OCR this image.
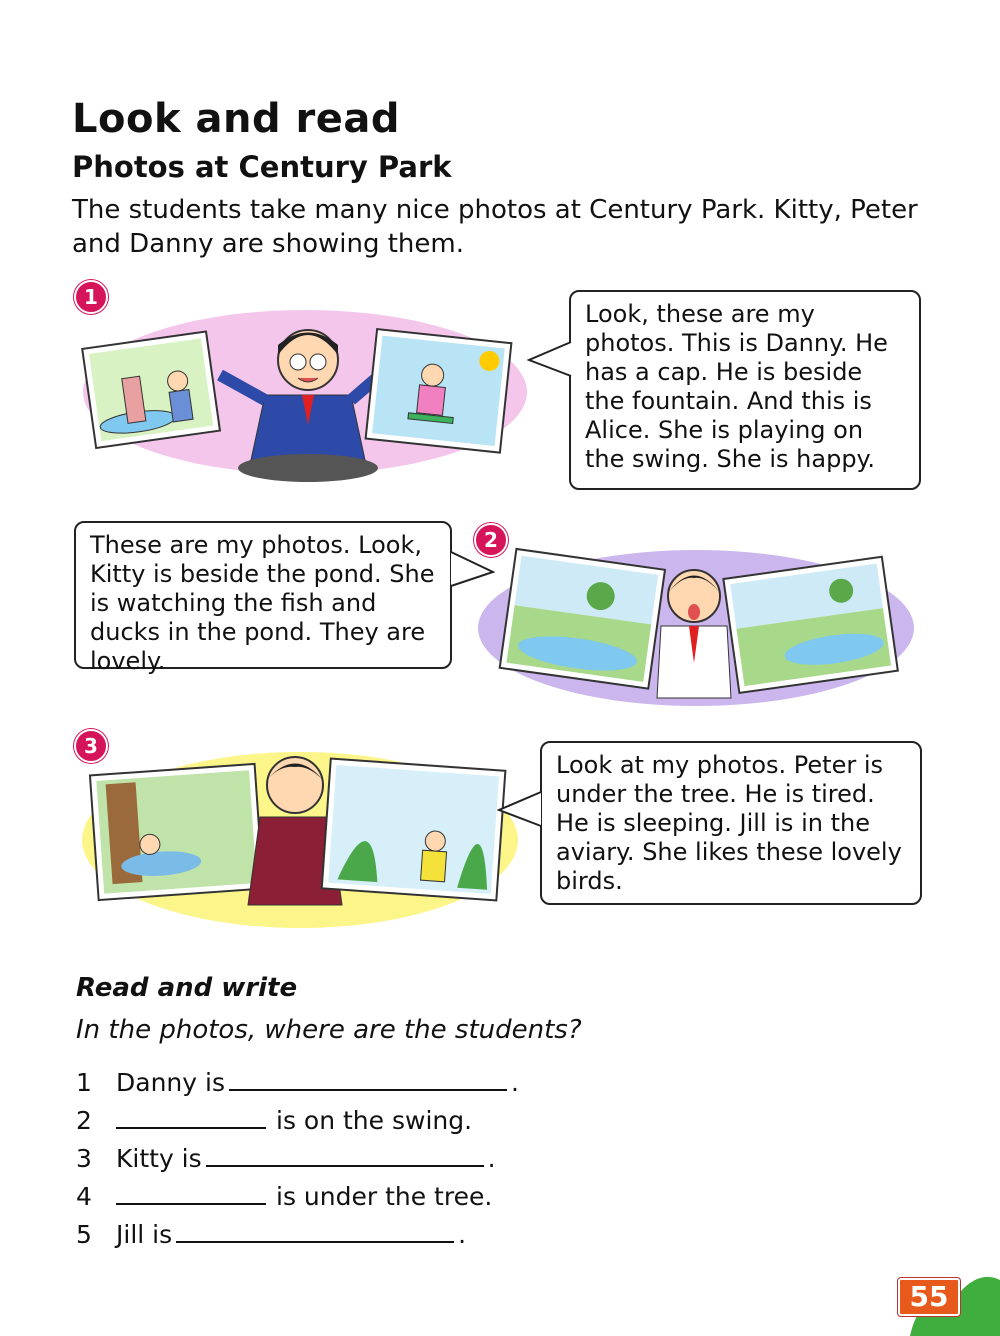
Look and read
Photos at Century Park

The students take many nice photos at Century Park. Kitty, Peter and Danny are showing them.

1

Look, these are my photos. This is Danny. He has a cap. He is beside the fountain. And this is Alice. She is playing on the swing. She is happy.

These are my photos. Look, Kitty is beside the pond. She is watching the fish and ducks in the pond. They are lovely.

2
3

Look at my photos. Peter is under the tree. He is tired. He is sleeping. Jill is in the aviary. She likes these lovely birds.

Read and write

In the photos, where are the students?

1 Danny is	.
2	is on the swing.
3 Kitty is	.
4	is under the tree.
5 Jill is	.
55
